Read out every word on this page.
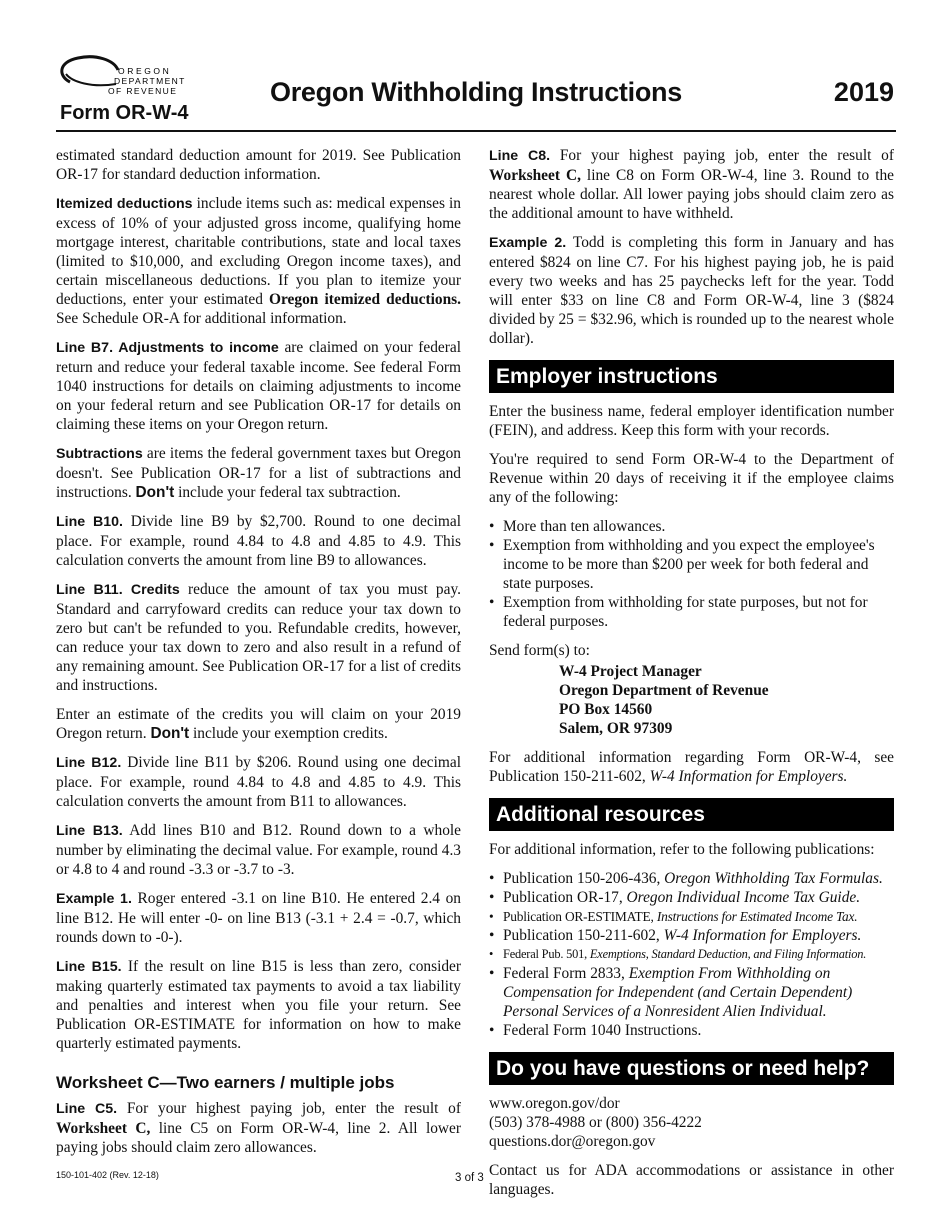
OREGON
DEPARTMENT
OF REVENUE
Form OR-W-4
Oregon Withholding Instructions	2019

estimated standard deduction amount for 2019. See Publication OR-17 for standard deduction information.

Itemized deductions include items such as: medical expenses in excess of 10% of your adjusted gross income, qualifying home mortgage interest, charitable contributions, state and local taxes (limited to $10,000, and excluding Oregon income taxes), and certain miscellaneous deductions. If you plan to itemize your deductions, enter your estimated Oregon itemized deductions. See Schedule OR-A for additional information.

Line B7. Adjustments to income are claimed on your federal return and reduce your federal taxable income. See federal Form 1040 instructions for details on claiming adjustments to income on your federal return and see Publication OR-17 for details on claiming these items on your Oregon return.

Subtractions are items the federal government taxes but Oregon doesn't. See Publication OR-17 for a list of subtractions and instructions. Don't include your federal tax subtraction.

Line B10. Divide line B9 by $2,700. Round to one decimal place. For example, round 4.84 to 4.8 and 4.85 to 4.9. This calculation converts the amount from line B9 to allowances.

Line B11. Credits reduce the amount of tax you must pay. Standard and carryfoward credits can reduce your tax down to zero but can't be refunded to you. Refundable credits, however, can reduce your tax down to zero and also result in a refund of any remaining amount. See Publication OR-17 for a list of credits and instructions.

Enter an estimate of the credits you will claim on your 2019 Oregon return. Don't include your exemption credits.

Line B12. Divide line B11 by $206. Round using one decimal place. For example, round 4.84 to 4.8 and 4.85 to 4.9. This calculation converts the amount from B11 to allowances.

Line B13. Add lines B10 and B12. Round down to a whole number by eliminating the decimal value. For example, round 4.3 or 4.8 to 4 and round -3.3 or -3.7 to -3.

Example 1. Roger entered -3.1 on line B10. He entered 2.4 on line B12. He will enter -0- on line B13 (-3.1 + 2.4 = -0.7, which rounds down to -0-).

Line B15. If the result on line B15 is less than zero, consider making quarterly estimated tax payments to avoid a tax liability and penalties and interest when you file your return. See Publication OR-ESTIMATE for information on how to make quarterly estimated payments.

Worksheet C—Two earners / multiple jobs

Line C5. For your highest paying job, enter the result of Worksheet C, line C5 on Form OR-W-4, line 2. All lower paying jobs should claim zero allowances.

Line C8. For your highest paying job, enter the result of Worksheet C, line C8 on Form OR-W-4, line 3. Round to the nearest whole dollar. All lower paying jobs should claim zero as the additional amount to have withheld.

Example 2. Todd is completing this form in January and has entered $824 on line C7. For his highest paying job, he is paid every two weeks and has 25 paychecks left for the year. Todd will enter $33 on line C8 and Form OR-W-4, line 3 ($824 divided by 25 = $32.96, which is rounded up to the nearest whole dollar).

Employer instructions

Enter the business name, federal employer identification number (FEIN), and address. Keep this form with your records.

You're required to send Form OR-W-4 to the Department of Revenue within 20 days of receiving it if the employee claims any of the following:

• More than ten allowances.
• Exemption from withholding and you expect the employee's income to be more than $200 per week for both federal and state purposes.
• Exemption from withholding for state purposes, but not for federal purposes.

Send form(s) to:

W-4 Project Manager
Oregon Department of Revenue
PO Box 14560
Salem, OR 97309

For additional information regarding Form OR-W-4, see Publication 150-211-602, W-4 Information for Employers.

Additional resources

For additional information, refer to the following publications:

• Publication 150-206-436, Oregon Withholding Tax Formulas.
• Publication OR-17, Oregon Individual Income Tax Guide.
• Publication OR-ESTIMATE, Instructions for Estimated Income Tax.
• Publication 150-211-602, W-4 Information for Employers.
• Federal Pub. 501, Exemptions, Standard Deduction, and Filing Information.
• Federal Form 2833, Exemption From Withholding on Compensation for Independent (and Certain Dependent) Personal Services of a Nonresident Alien Individual.
• Federal Form 1040 Instructions.
Do you have questions or need help?
www.oregon.gov/dor
(503) 378-4988 or (800) 356-4222
questions.dor@oregon.gov

Contact us for ADA accommodations or assistance in other languages.

150-101-402 (Rev. 12-18)	3 of 3
